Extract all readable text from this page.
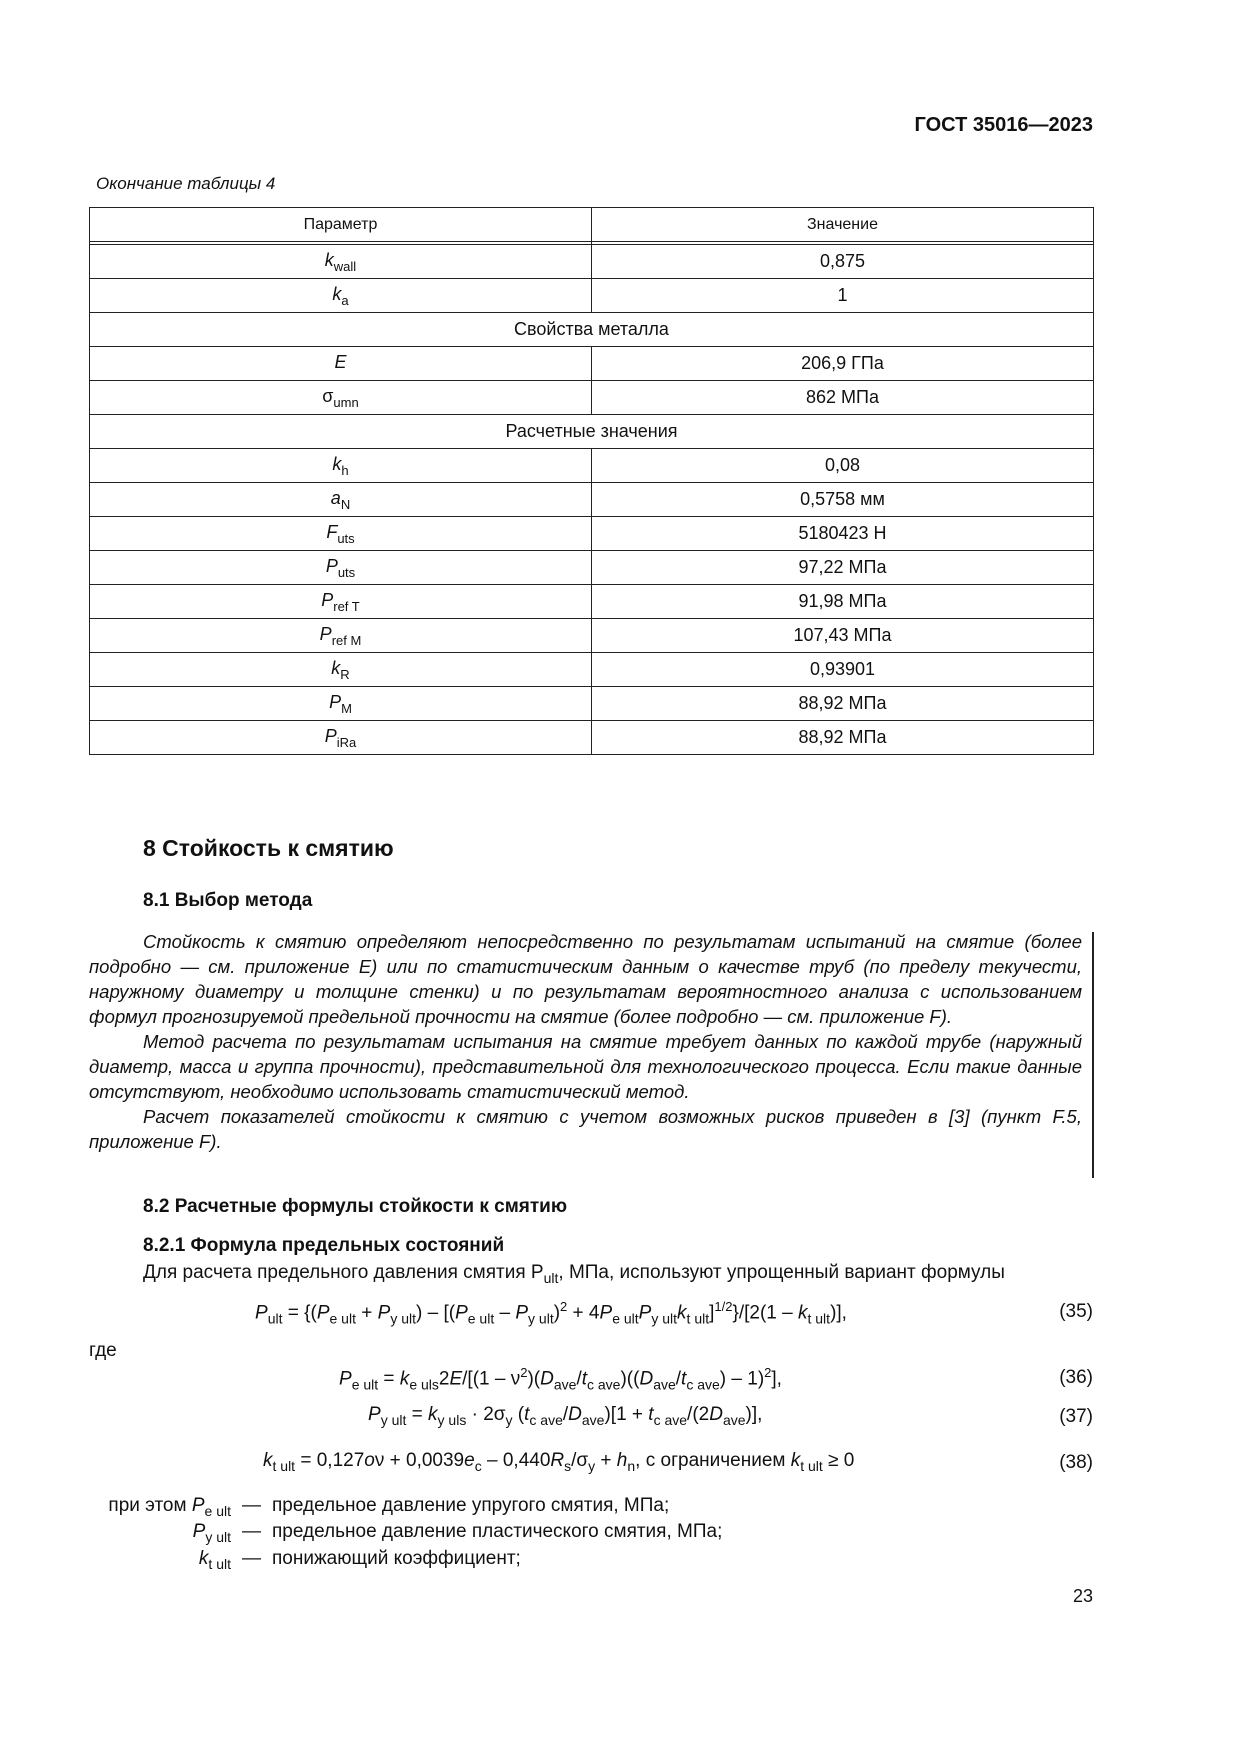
ГОСТ 35016—2023
Окончание таблицы 4
Параметр	Значение

$k_{wall}$	0,875
$k_a$	1
Свойства металла	
E	206,9 ГПа
$\sigma_{umn}$	862 МПа
Расчетные значения	
$k_h$	0,08
$a_N$	0,5758 мм
$F_{uts}$	5180423 Н
$P_{uts}$	97,22 МПа
$P_{ref T}$	91,98 МПа
$P_{ref M}$	107,43 МПа
$k_R$	0,93901
$P_M$	88,92 МПа
$P_{iRa}$	88,92 МПа
8 Стойкость к смятию
8.1 Выбор метода

Стойкость к смятию определяют непосредственно по результатам испытаний на смятие (более подробно — см. приложение E) или по статистическим данным о качестве труб (по пределу текучести, наружному диаметру и толщине стенки) и по результатам вероятностного анализа с использованием формул прогнозируемой предельной прочности на смятие (более подробно — см. приложение F).

Метод расчета по результатам испытания на смятие требует данных по каждой трубе (наружный диаметр, масса и группа прочности), представительной для технологического процесса. Если такие данные отсутствуют, необходимо использовать статистический метод.

Расчет показателей стойкости к смятию с учетом возможных рисков приведен в [3] (пункт F.5, приложение F).

8.2 Расчетные формулы стойкости к смятию
8.2.1 Формула предельных состояний
Для расчета предельного давления смятия $P_{ult}$, МПа, используют упрощенный вариант формулы
$P_{ult} = \{(P_{e ult} + P_{y ult}) - [(P_{e ult} - P_{y ult})^2 + 4P_{e ult}P_{y ult}k_{t ult}]^{1/2}\}/[2(1 - k_{t ult})]$,	(35)
где
$P_{e ult} = k_{e uls}2E/[(1 - \nu^2)(D_{ave}/t_{c ave})((D_{ave}/t_{c ave}) - 1)^2]$,	(36)
$P_{y ult} = k_{y uls} \cdot 2\sigma_y$ $(t_{c ave}/D_{ave})[1 + t_{c ave}/(2D_{ave})]$,	(37)
$k_{t ult} = 0,127o\nu + 0,0039e_c - 0,440R_s/\sigma_y + h_n$, с ограничением $k_{t ult} \ge 0$	(38)
при этом $P_{e ult}$ — предельное давление упругого смятия, МПа;
$P_{y ult}$ — предельное давление пластического смятия, МПа;
$k_{t ult}$ — понижающий коэффициент;
23
